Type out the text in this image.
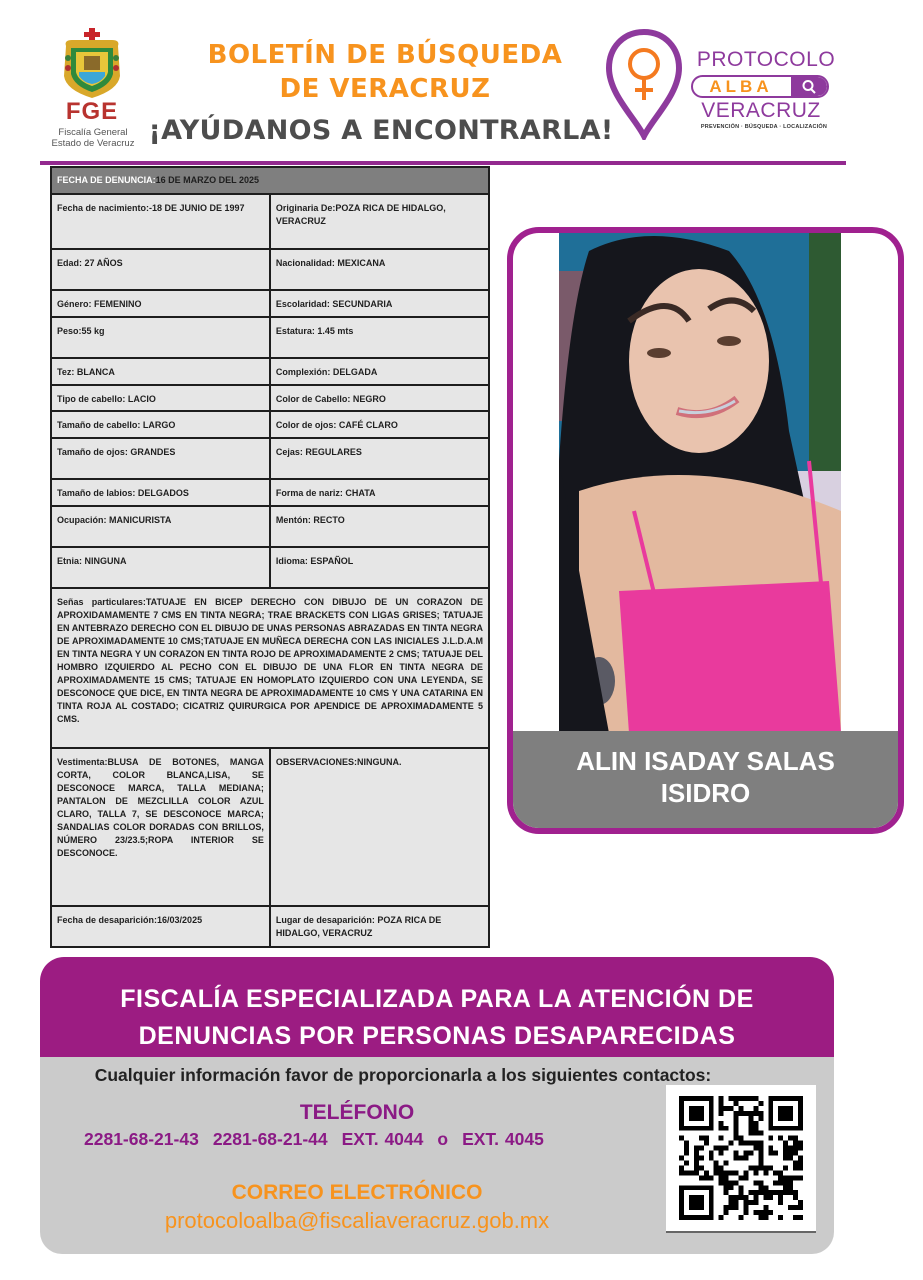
FGE
Fiscalía General
Estado de Veracruz
BOLETÍN DE BÚSQUEDA
DE VERACRUZ
¡AYÚDANOS A ENCONTRARLA!
PROTOCOLO
ALBA
VERACRUZ
PREVENCIÓN · BÚSQUEDA · LOCALIZACIÓN
FECHA DE DENUNCIA:16 DE MARZO DEL 2025	
Fecha de nacimiento:-18 DE JUNIO DE 1997	Originaria De:POZA RICA DE HIDALGO, VERACRUZ
Edad: 27 AÑOS	Nacionalidad: MEXICANA
Género: FEMENINO	Escolaridad: SECUNDARIA
Peso:55 kg	Estatura: 1.45 mts
Tez: BLANCA	Complexión: DELGADA
Tipo de cabello: LACIO	Color de Cabello: NEGRO
Tamaño de cabello: LARGO	Color de ojos: CAFÉ CLARO
Tamaño de ojos: GRANDES	Cejas: REGULARES
Tamaño de labios: DELGADOS	Forma de nariz: CHATA
Ocupación: MANICURISTA	Mentón: RECTO
Etnia: NINGUNA	Idioma: ESPAÑOL
Señas particulares:TATUAJE EN BICEP DERECHO CON DIBUJO DE UN CORAZON DE APROXIDAMAMENTE 7 CMS EN TINTA NEGRA; TRAE BRACKETS CON LIGAS GRISES; TATUAJE EN ANTEBRAZO DERECHO CON EL DIBUJO DE UNAS PERSONAS ABRAZADAS EN TINTA NEGRA DE APROXIMADAMENTE 10 CMS;TATUAJE EN MUÑECA DERECHA CON LAS INICIALES J.L.D.A.M EN TINTA NEGRA Y UN CORAZON EN TINTA ROJO DE APROXIMADAMENTE 2 CMS; TATUAJE DEL HOMBRO IZQUIERDO AL PECHO CON EL DIBUJO DE UNA FLOR EN TINTA NEGRA DE APROXIMADAMENTE 15 CMS; TATUAJE EN HOMOPLATO IZQUIERDO CON UNA LEYENDA, SE DESCONOCE QUE DICE, EN TINTA NEGRA DE APROXIMADAMENTE 10 CMS Y UNA CATARINA EN TINTA ROJA AL COSTADO; CICATRIZ QUIRURGICA POR APENDICE DE APROXIMADAMENTE 5 CMS.	
Vestimenta:BLUSA DE BOTONES, MANGA CORTA, COLOR BLANCA,LISA, SE DESCONOCE MARCA, TALLA MEDIANA; PANTALON DE MEZCLILLA COLOR AZUL CLARO, TALLA 7, SE DESCONOCE MARCA; SANDALIAS COLOR DORADAS CON BRILLOS, NÚMERO 23/23.5;ROPA INTERIOR SE DESCONOCE.	OBSERVACIONES:NINGUNA.
Fecha de desaparición:16/03/2025	Lugar de desaparición: POZA RICA DE HIDALGO, VERACRUZ
ALIN ISADAY SALAS
ISIDRO
FISCALÍA ESPECIALIZADA PARA LA ATENCIÓN DE
DENUNCIAS POR PERSONAS DESAPARECIDAS
Cualquier información favor de proporcionarla a los siguientes contactos:
TELÉFONO
2281-68-21-43 2281-68-21-44 EXT. 4044 o EXT. 4045
CORREO ELECTRÓNICO
protocoloalba@fiscaliaveracruz.gob.mx
